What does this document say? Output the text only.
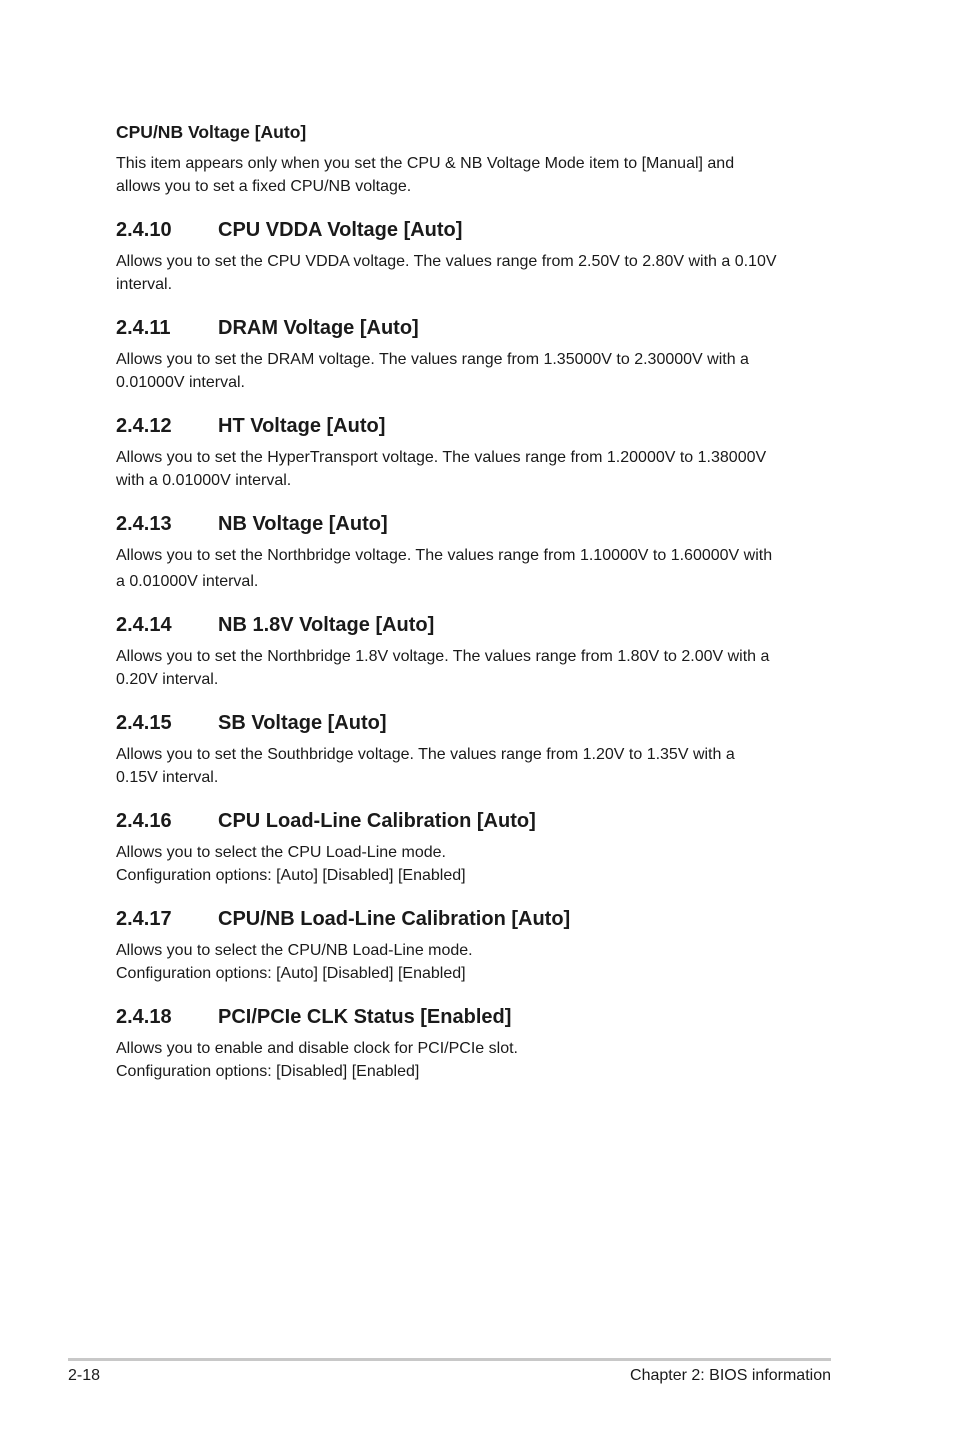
CPU/NB Voltage [Auto]

This item appears only when you set the CPU & NB Voltage Mode item to [Manual] and

allows you to set a fixed CPU/NB voltage.

2.4.10	CPU VDDA Voltage [Auto]

Allows you to set the CPU VDDA voltage. The values range from 2.50V to 2.80V with a 0.10V

interval.

2.4.11	DRAM Voltage [Auto]

Allows you to set the DRAM voltage. The values range from 1.35000V to 2.30000V with a

0.01000V interval.

2.4.12	HT Voltage [Auto]

Allows you to set the HyperTransport voltage. The values range from 1.20000V to 1.38000V

with a 0.01000V interval.

2.4.13	NB Voltage [Auto]

Allows you to set the Northbridge voltage. The values range from 1.10000V to 1.60000V with

a 0.01000V interval.

2.4.14	NB 1.8V Voltage [Auto]

Allows you to set the Northbridge 1.8V voltage. The values range from 1.80V to 2.00V with a

0.20V interval.

2.4.15	SB Voltage [Auto]

Allows you to set the Southbridge voltage. The values range from 1.20V to 1.35V with a

0.15V interval.

2.4.16	CPU Load-Line Calibration [Auto]

Allows you to select the CPU Load-Line mode.

Configuration options: [Auto] [Disabled] [Enabled]

2.4.17	CPU/NB Load-Line Calibration [Auto]

Allows you to select the CPU/NB Load-Line mode.

Configuration options: [Auto] [Disabled] [Enabled]

2.4.18	PCI/PCIe CLK Status [Enabled]

Allows you to enable and disable clock for PCI/PCIe slot.

Configuration options: [Disabled] [Enabled]

2-18	Chapter 2: BIOS information
